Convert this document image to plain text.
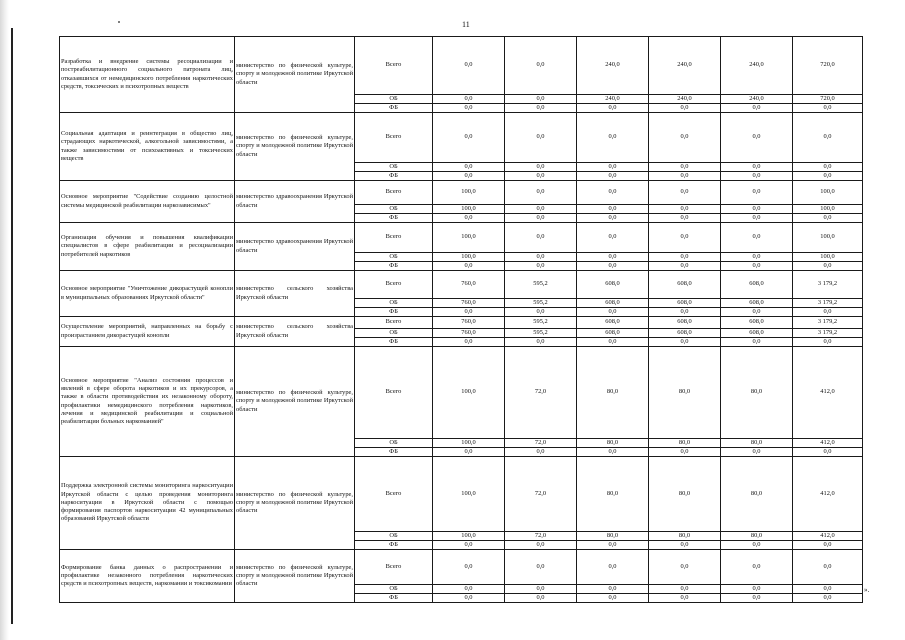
11
Разработка и внедрение системы ресоциализации и постреабилитационного социального патроната лиц, отказавшихся от немедицинского потребления наркотических средств, токсических и психотропных веществ	министерство по физической культуре, спорту и молодежной политике Иркутской области	Всего	0,0	0,0	240,0	240,0	240,0	720,0
		ОБ	0,0	0,0	240,0	240,0	240,0	720,0
		ФБ	0,0	0,0	0,0	0,0	0,0	0,0
Социальная адаптация и реинтеграция в общество лиц, страдающих наркотической, алкогольной зависимостями, а также зависимостями от психоактивных и токсических веществ	министерство по физической культуре, спорту и молодежной политике Иркутской области	Всего	0,0	0,0	0,0	0,0	0,0	0,0
		ОБ	0,0	0,0	0,0	0,0	0,0	0,0
		ФБ	0,0	0,0	0,0	0,0	0,0	0,0
Основное мероприятие "Содействие созданию целостной системы медицинской реабилитации наркозависимых"	министерство здравоохранения Иркутской области	Всего	100,0	0,0	0,0	0,0	0,0	100,0
		ОБ	100,0	0,0	0,0	0,0	0,0	100,0
		ФБ	0,0	0,0	0,0	0,0	0,0	0,0
Организация обучения и повышения квалификации специалистов в сфере реабилитации и ресоциализации потребителей наркотиков	министерство здравоохранения Иркутской области	Всего	100,0	0,0	0,0	0,0	0,0	100,0
		ОБ	100,0	0,0	0,0	0,0	0,0	100,0
		ФБ	0,0	0,0	0,0	0,0	0,0	0,0
Основное мероприятие "Уничтожение дикорастущей конопли в муниципальных образованиях Иркутской области"	министерство сельского хозяйства Иркутской области	Всего	760,0	595,2	608,0	608,0	608,0	3 179,2
		ОБ	760,0	595,2	608,0	608,0	608,0	3 179,2
		ФБ	0,0	0,0	0,0	0,0	0,0	0,0
Осуществление мероприятий, направленных на борьбу с произрастанием дикорастущей конопли	министерство сельского хозяйства Иркутской области	Всего	760,0	595,2	608,0	608,0	608,0	3 179,2
		ОБ	760,0	595,2	608,0	608,0	608,0	3 179,2
		ФБ	0,0	0,0	0,0	0,0	0,0	0,0
Основное мероприятие "Анализ состояния процессов и явлений в сфере оборота наркотиков и их прекурсоров, а также в области противодействия их незаконному обороту, профилактики немедицинского потребления наркотиков, лечения и медицинской реабилитации и социальной реабилитации больных наркоманией"	министерство по физической культуре, спорту и молодежной политике Иркутской области	Всего	100,0	72,0	80,0	80,0	80,0	412,0
		ОБ	100,0	72,0	80,0	80,0	80,0	412,0
		ФБ	0,0	0,0	0,0	0,0	0,0	0,0
Поддержка электронной системы мониторинга наркоситуации Иркутской области с целью проведения мониторинга наркоситуации в Иркутской области с помощью формирования паспортов наркоситуации 42 муниципальных образований Иркутской области	министерство по физической культуре, спорту и молодежной политике Иркутской области	Всего	100,0	72,0	80,0	80,0	80,0	412,0
		ОБ	100,0	72,0	80,0	80,0	80,0	412,0
		ФБ	0,0	0,0	0,0	0,0	0,0	0,0
Формирование банка данных о распространении и профилактике незаконного потребления наркотических средств и психотропных веществ, наркомании и токсикомании	министерство по физической культуре, спорту и молодежной политике Иркутской области	Всего	0,0	0,0	0,0	0,0	0,0	0,0
		ОБ	0,0	0,0	0,0	0,0	0,0	0,0
		ФБ	0,0	0,0	0,0	0,0	0,0	0,0
».
